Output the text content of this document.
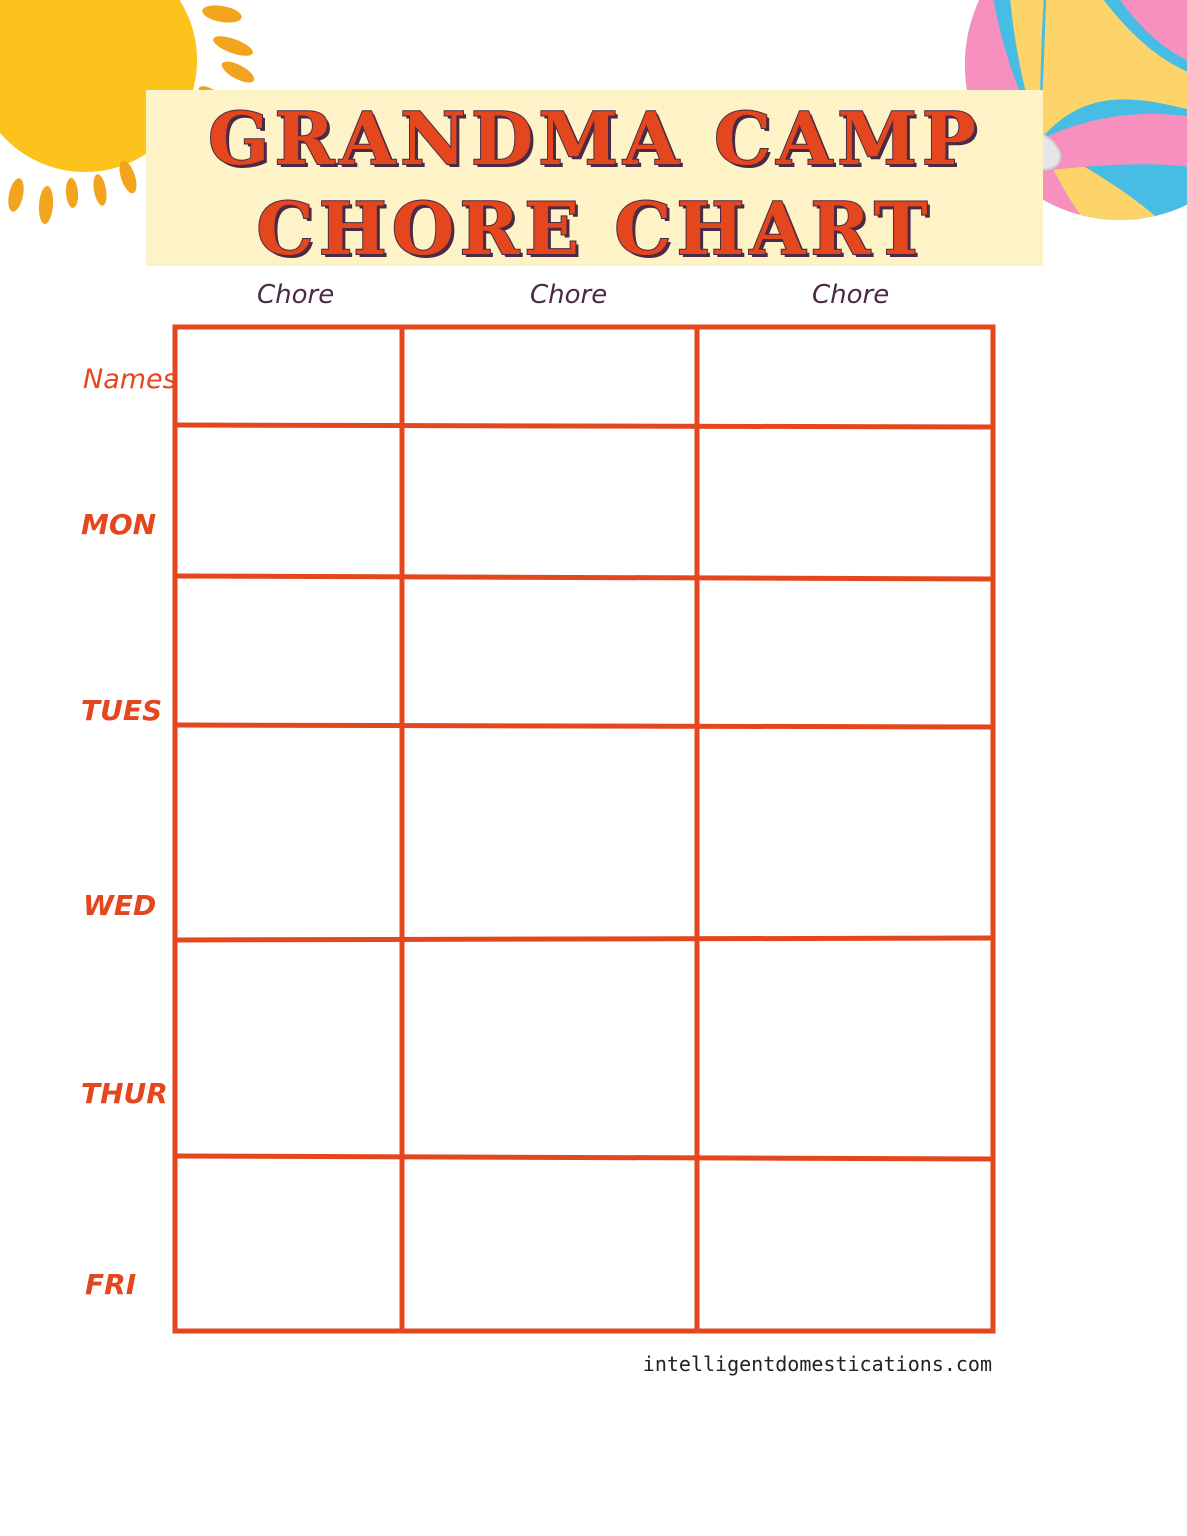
GRANDMA CAMP
CHORE CHART
Chore	Chore	Chore
Names
MON
TUES
WED
THUR
FRI
intelligentdomestications.com
